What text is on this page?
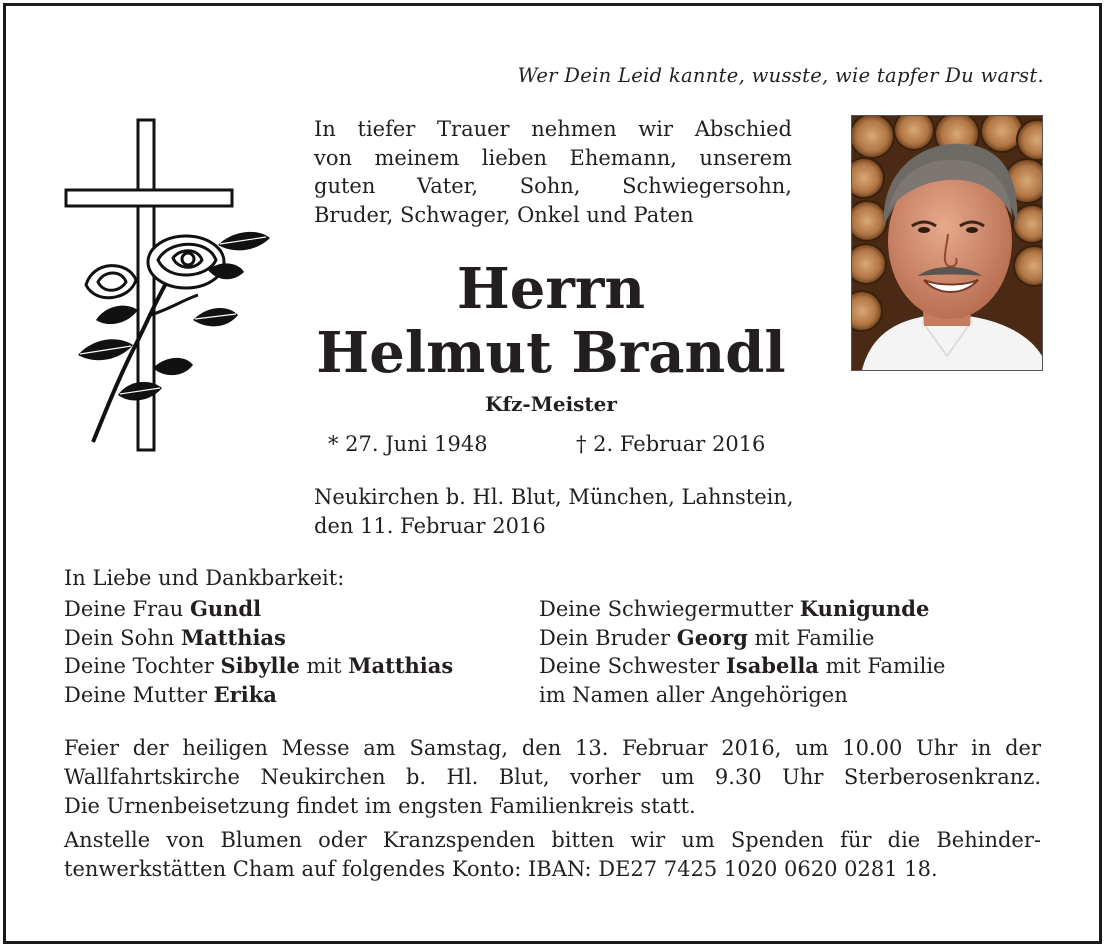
Wer Dein Leid kannte, wusste, wie tapfer Du warst.
In tiefer Trauer nehmen wir Abschied
von meinem lieben Ehemann, unserem
guten Vater, Sohn, Schwiegersohn,
Bruder, Schwager, Onkel und Paten
Herrn
Helmut Brandl
Kfz-Meister
* 27. Juni 1948	† 2. Februar 2016
Neukirchen b. Hl. Blut, München, Lahnstein,
den 11. Februar 2016
In Liebe und Dankbarkeit:
Deine Frau Gundl
Dein Sohn Matthias
Deine Tochter Sibylle mit Matthias
Deine Mutter Erika
Deine Schwiegermutter Kunigunde
Dein Bruder Georg mit Familie
Deine Schwester Isabella mit Familie
im Namen aller Angehörigen
Feier der heiligen Messe am Samstag, den 13. Februar 2016, um 10.00 Uhr in der
Wallfahrtskirche Neukirchen b. Hl. Blut, vorher um 9.30 Uhr Sterberosenkranz.
Die Urnenbeisetzung findet im engsten Familienkreis statt.
Anstelle von Blumen oder Kranzspenden bitten wir um Spenden für die Behinder-
tenwerkstätten Cham auf folgendes Konto: IBAN: DE27 7425 1020 0620 0281 18.
